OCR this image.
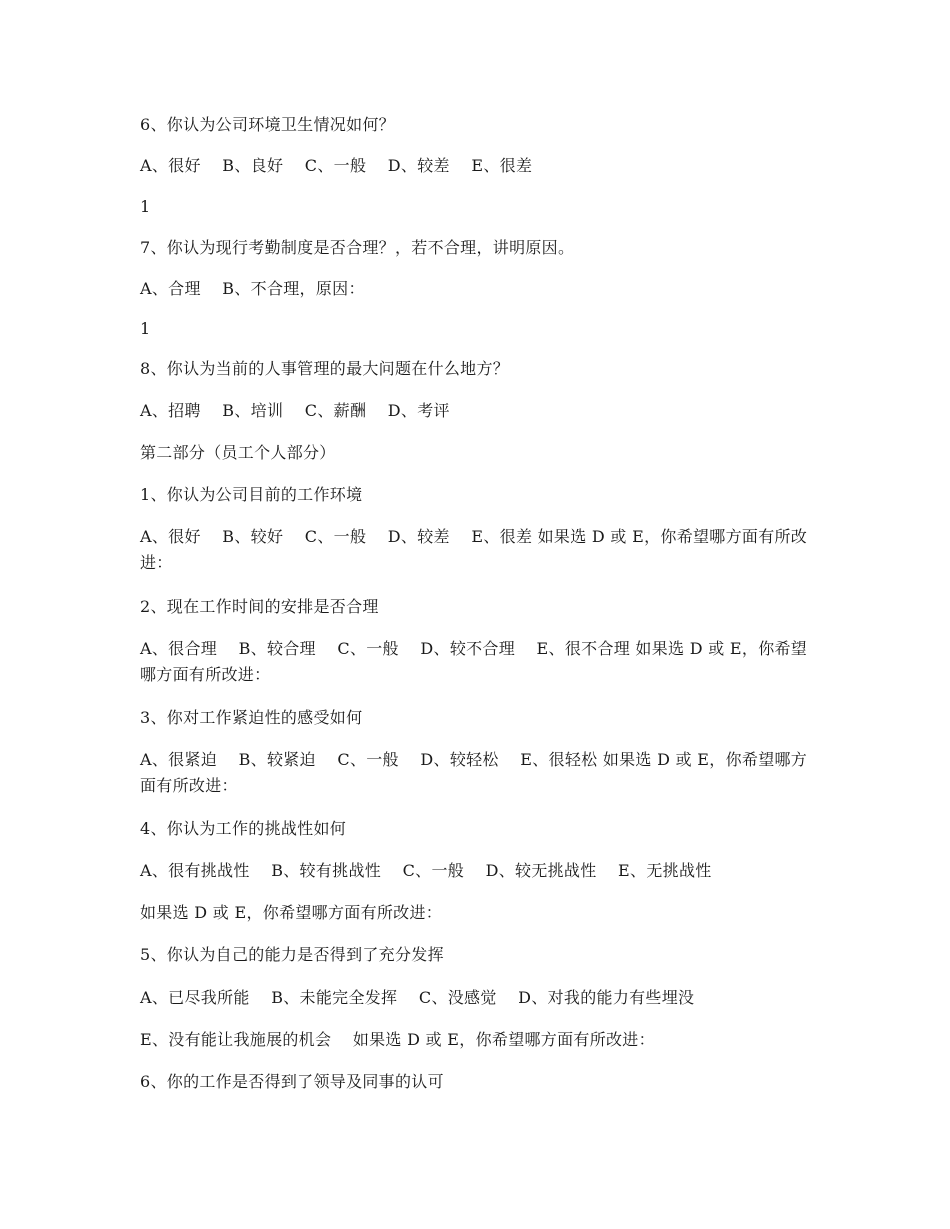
6、你认为公司环境卫生情况如何？
A、很好    B、良好    C、一般    D、较差    E、很差
1
7、你认为现行考勤制度是否合理？，若不合理，讲明原因。
A、合理    B、不合理，原因：
1
8、你认为当前的人事管理的最大问题在什么地方？
A、招聘    B、培训    C、薪酬    D、考评
第二部分（员工个人部分）
1、你认为公司目前的工作环境
A、很好    B、较好    C、一般    D、较差    E、很差 如果选 D 或 E，你希望哪方面有所改进：
2、现在工作时间的安排是否合理
A、很合理    B、较合理    C、一般    D、较不合理    E、很不合理 如果选 D 或 E，你希望哪方面有所改进：
3、你对工作紧迫性的感受如何
A、很紧迫    B、较紧迫    C、一般    D、较轻松    E、很轻松 如果选 D 或 E，你希望哪方面有所改进：
4、你认为工作的挑战性如何
A、很有挑战性    B、较有挑战性    C、一般    D、较无挑战性    E、无挑战性
如果选 D 或 E，你希望哪方面有所改进：
5、你认为自己的能力是否得到了充分发挥
A、已尽我所能    B、未能完全发挥    C、没感觉    D、对我的能力有些埋没
E、没有能让我施展的机会    如果选 D 或 E，你希望哪方面有所改进：
6、你的工作是否得到了领导及同事的认可
